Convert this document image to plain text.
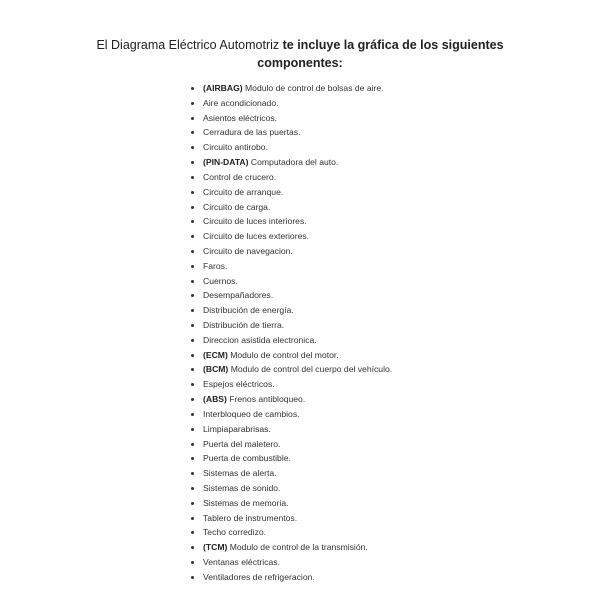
El Diagrama Eléctrico Automotriz te incluye la gráfica de los siguientes
componentes:
(AIRBAG) Modulo de control de bolsas de aire.
Aire acondicionado.
Asientos eléctricos.
Cerradura de las puertas.
Circuito antirobo.
(PIN-DATA) Computadora del auto.
Control de crucero.
Circuito de arranque.
Circuito de carga.
Circuito de luces interiores.
Circuito de luces exteriores.
Circuito de navegacion.
Faros.
Cuernos.
Desempañadores.
Distribución de energía.
Distribución de tierra.
Direccion asistida electronica.
(ECM) Modulo de control del motor.
(BCM) Modulo de control del cuerpo del vehículo.
Espejos eléctricos.
(ABS) Frenos antibloqueo.
Interbloqueo de cambios.
Limpiaparabrisas.
Puerta del maletero.
Puerta de combustible.
Sistemas de alerta.
Sistemas de sonido.
Sistemas de memoria.
Tablero de instrumentos.
Techo corredizo.
(TCM) Modulo de control de la transmisión.
Ventanas eléctricas.
Ventiladores de refrigeracion.
